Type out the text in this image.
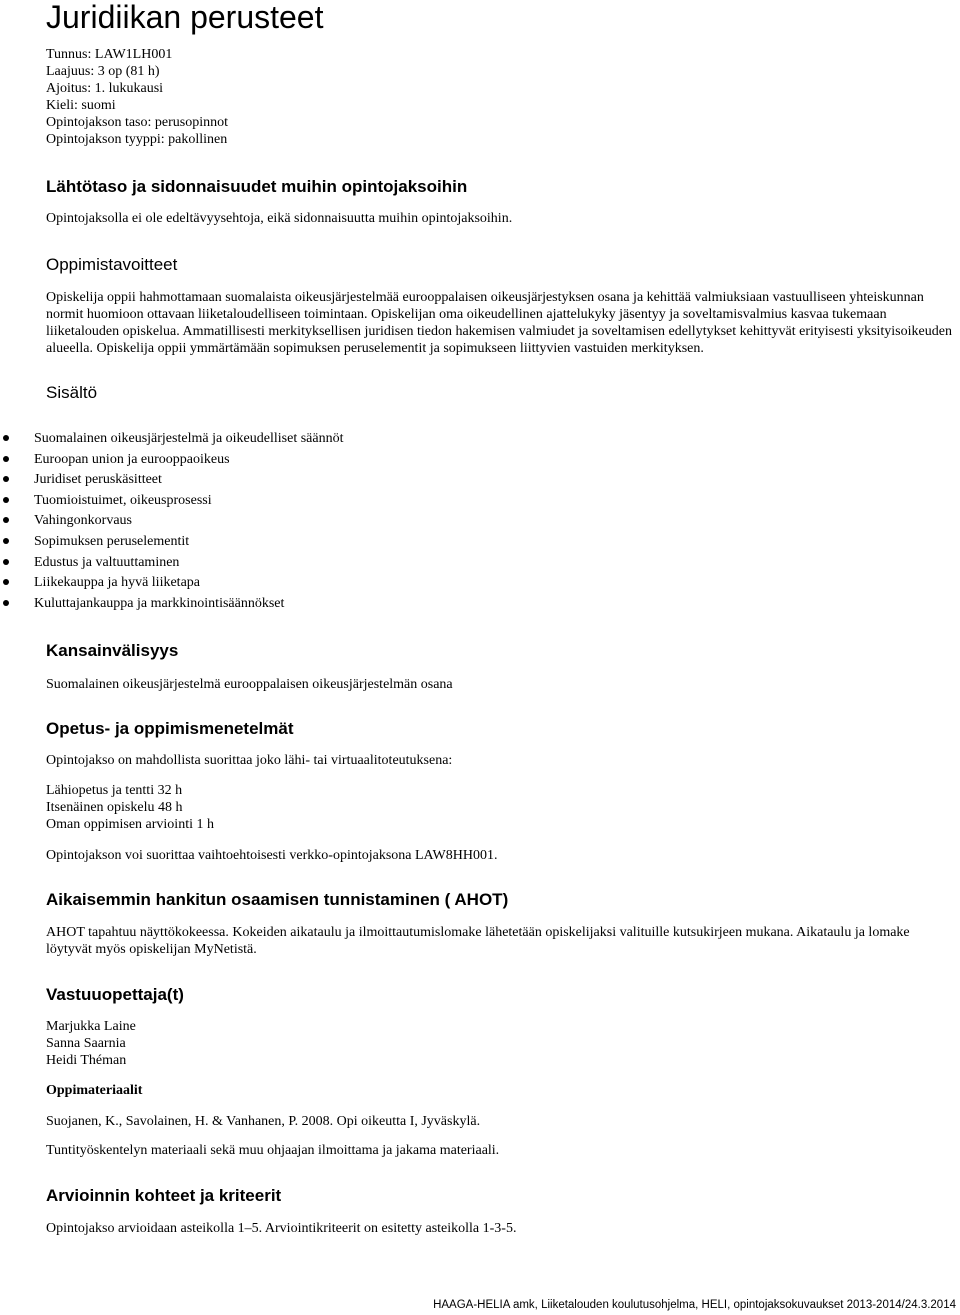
Juridiikan perusteet
Tunnus: LAW1LH001
Laajuus: 3 op (81 h)
Ajoitus: 1. lukukausi
Kieli: suomi
Opintojakson taso: perusopinnot
Opintojakson tyyppi: pakollinen
Lähtötaso ja sidonnaisuudet muihin opintojaksoihin

Opintojaksolla ei ole edeltävyysehtoja, eikä sidonnaisuutta muihin opintojaksoihin.

Oppimistavoitteet

Opiskelija oppii hahmottamaan suomalaista oikeusjärjestelmää eurooppalaisen oikeusjärjestyksen osana ja kehittää valmiuksiaan vastuulliseen yhteiskunnan normit huomioon ottavaan liiketaloudelliseen toimintaan. Opiskelijan oma oikeudellinen ajattelukyky jäsentyy ja soveltamisvalmius kasvaa tukemaan liiketalouden opiskelua. Ammatillisesti merkityksellisen juridisen tiedon hakemisen valmiudet ja soveltamisen edellytykset kehittyvät erityisesti yksityisoikeuden alueella. Opiskelija oppii ymmärtämään sopimuksen peruselementit ja sopimukseen liittyvien vastuiden merkityksen.

Sisältö
Suomalainen oikeusjärjestelmä ja oikeudelliset säännöt
Euroopan union ja eurooppaoikeus
Juridiset peruskäsitteet
Tuomioistuimet, oikeusprosessi
Vahingonkorvaus
Sopimuksen peruselementit
Edustus ja valtuuttaminen
Liikekauppa ja hyvä liiketapa
Kuluttajankauppa ja markkinointisäännökset
Kansainvälisyys

Suomalainen oikeusjärjestelmä eurooppalaisen oikeusjärjestelmän osana

Opetus- ja oppimismenetelmät

Opintojakso on mahdollista suorittaa joko lähi- tai virtuaalitoteutuksena:

Lähiopetus ja tentti 32 h
Itsenäinen opiskelu 48 h
Oman oppimisen arviointi 1 h

Opintojakson voi suorittaa vaihtoehtoisesti verkko-opintojaksona LAW8HH001.

Aikaisemmin hankitun osaamisen tunnistaminen ( AHOT)

AHOT tapahtuu näyttökokeessa. Kokeiden aikataulu ja ilmoittautumislomake lähetetään opiskelijaksi valituille kutsukirjeen mukana. Aikataulu ja lomake löytyvät myös opiskelijan MyNetistä.

Vastuuopettaja(t)
Marjukka Laine
Sanna Saarnia
Heidi Théman
Oppimateriaalit

Suojanen, K., Savolainen, H. & Vanhanen, P. 2008. Opi oikeutta I, Jyväskylä.

Tuntityöskentelyn materiaali sekä muu ohjaajan ilmoittama ja jakama materiaali.

Arvioinnin kohteet ja kriteerit

Opintojakso arvioidaan asteikolla 1–5. Arviointikriteerit on esitetty asteikolla 1-3-5.

HAAGA-HELIA amk, Liiketalouden koulutusohjelma, HELI, opintojaksokuvaukset 2013-2014/24.3.2014
